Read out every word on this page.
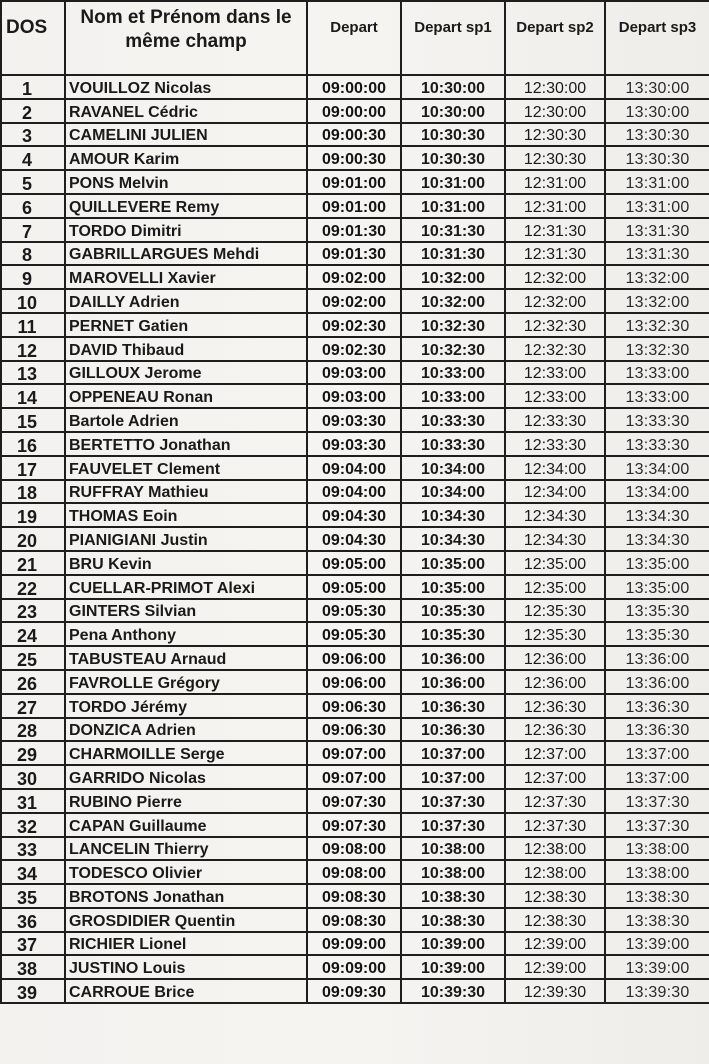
DOS	Nom et Prénom dans le même champ	Depart	Depart sp1	Depart sp2	Depart sp3
1	VOUILLOZ Nicolas	09:00:00	10:30:00	12:30:00	13:30:00
2	RAVANEL Cédric	09:00:00	10:30:00	12:30:00	13:30:00
3	CAMELINI JULIEN	09:00:30	10:30:30	12:30:30	13:30:30
4	AMOUR Karim	09:00:30	10:30:30	12:30:30	13:30:30
5	PONS Melvin	09:01:00	10:31:00	12:31:00	13:31:00
6	QUILLEVERE Remy	09:01:00	10:31:00	12:31:00	13:31:00
7	TORDO Dimitri	09:01:30	10:31:30	12:31:30	13:31:30
8	GABRILLARGUES Mehdi	09:01:30	10:31:30	12:31:30	13:31:30
9	MAROVELLI Xavier	09:02:00	10:32:00	12:32:00	13:32:00
10	DAILLY Adrien	09:02:00	10:32:00	12:32:00	13:32:00
11	PERNET Gatien	09:02:30	10:32:30	12:32:30	13:32:30
12	DAVID Thibaud	09:02:30	10:32:30	12:32:30	13:32:30
13	GILLOUX Jerome	09:03:00	10:33:00	12:33:00	13:33:00
14	OPPENEAU Ronan	09:03:00	10:33:00	12:33:00	13:33:00
15	Bartole Adrien	09:03:30	10:33:30	12:33:30	13:33:30
16	BERTETTO Jonathan	09:03:30	10:33:30	12:33:30	13:33:30
17	FAUVELET Clement	09:04:00	10:34:00	12:34:00	13:34:00
18	RUFFRAY Mathieu	09:04:00	10:34:00	12:34:00	13:34:00
19	THOMAS Eoin	09:04:30	10:34:30	12:34:30	13:34:30
20	PIANIGIANI Justin	09:04:30	10:34:30	12:34:30	13:34:30
21	BRU Kevin	09:05:00	10:35:00	12:35:00	13:35:00
22	CUELLAR-PRIMOT Alexi	09:05:00	10:35:00	12:35:00	13:35:00
23	GINTERS Silvian	09:05:30	10:35:30	12:35:30	13:35:30
24	Pena Anthony	09:05:30	10:35:30	12:35:30	13:35:30
25	TABUSTEAU Arnaud	09:06:00	10:36:00	12:36:00	13:36:00
26	FAVROLLE Grégory	09:06:00	10:36:00	12:36:00	13:36:00
27	TORDO Jérémy	09:06:30	10:36:30	12:36:30	13:36:30
28	DONZICA Adrien	09:06:30	10:36:30	12:36:30	13:36:30
29	CHARMOILLE Serge	09:07:00	10:37:00	12:37:00	13:37:00
30	GARRIDO Nicolas	09:07:00	10:37:00	12:37:00	13:37:00
31	RUBINO Pierre	09:07:30	10:37:30	12:37:30	13:37:30
32	CAPAN Guillaume	09:07:30	10:37:30	12:37:30	13:37:30
33	LANCELIN Thierry	09:08:00	10:38:00	12:38:00	13:38:00
34	TODESCO Olivier	09:08:00	10:38:00	12:38:00	13:38:00
35	BROTONS Jonathan	09:08:30	10:38:30	12:38:30	13:38:30
36	GROSDIDIER Quentin	09:08:30	10:38:30	12:38:30	13:38:30
37	RICHIER Lionel	09:09:00	10:39:00	12:39:00	13:39:00
38	JUSTINO Louis	09:09:00	10:39:00	12:39:00	13:39:00
39	CARROUE Brice	09:09:30	10:39:30	12:39:30	13:39:30
